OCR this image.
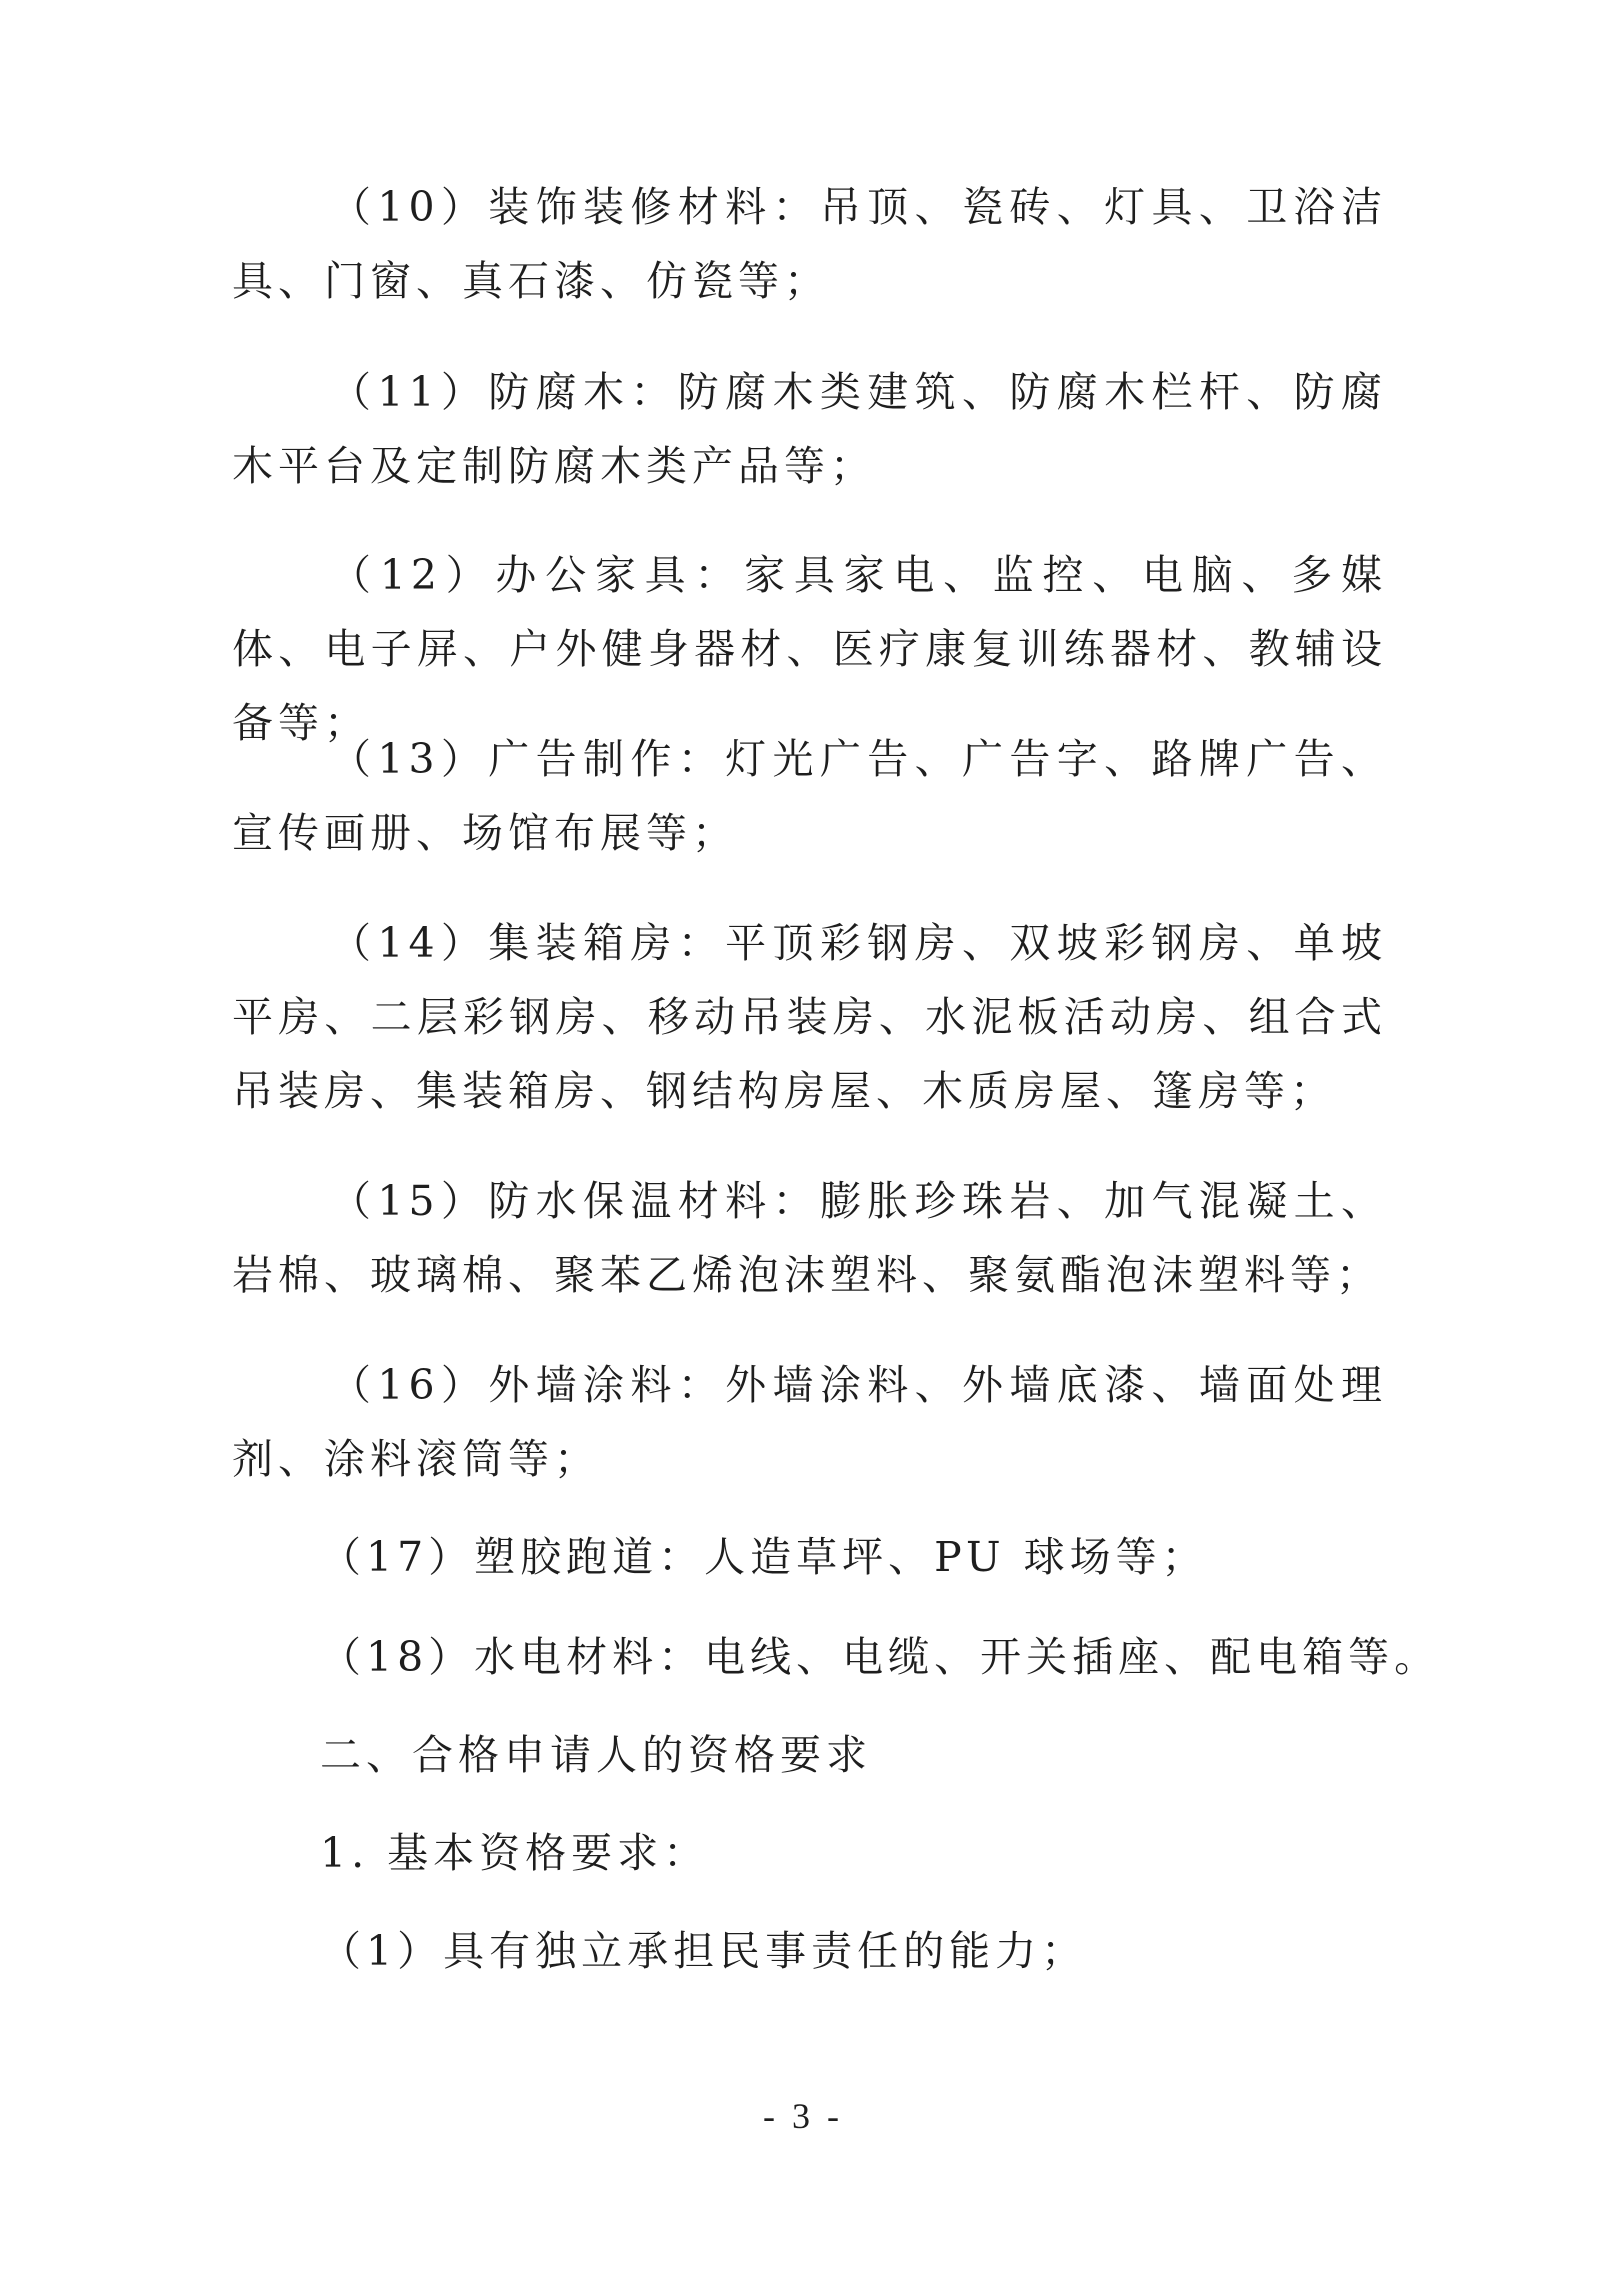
（10）装饰装修材料：吊顶、瓷砖、灯具、卫浴洁具、门窗、真石漆、仿瓷等；

（11）防腐木：防腐木类建筑、防腐木栏杆、防腐木平台及定制防腐木类产品等；

（12）办公家具：家具家电、监控、电脑、多媒体、电子屏、户外健身器材、医疗康复训练器材、教辅设备等；

（13）广告制作：灯光广告、广告字、路牌广告、宣传画册、场馆布展等；

（14）集装箱房：平顶彩钢房、双坡彩钢房、单坡平房、二层彩钢房、移动吊装房、水泥板活动房、组合式吊装房、集装箱房、钢结构房屋、木质房屋、篷房等；

（15）防水保温材料：膨胀珍珠岩、加气混凝土、岩棉、玻璃棉、聚苯乙烯泡沫塑料、聚氨酯泡沫塑料等；

（16）外墙涂料：外墙涂料、外墙底漆、墙面处理剂、涂料滚筒等；

（17）塑胶跑道：人造草坪、PU 球场等；

（18）水电材料：电线、电缆、开关插座、配电箱等。

二、合格申请人的资格要求

1. 基本资格要求：

（1）具有独立承担民事责任的能力；

- 3 -
